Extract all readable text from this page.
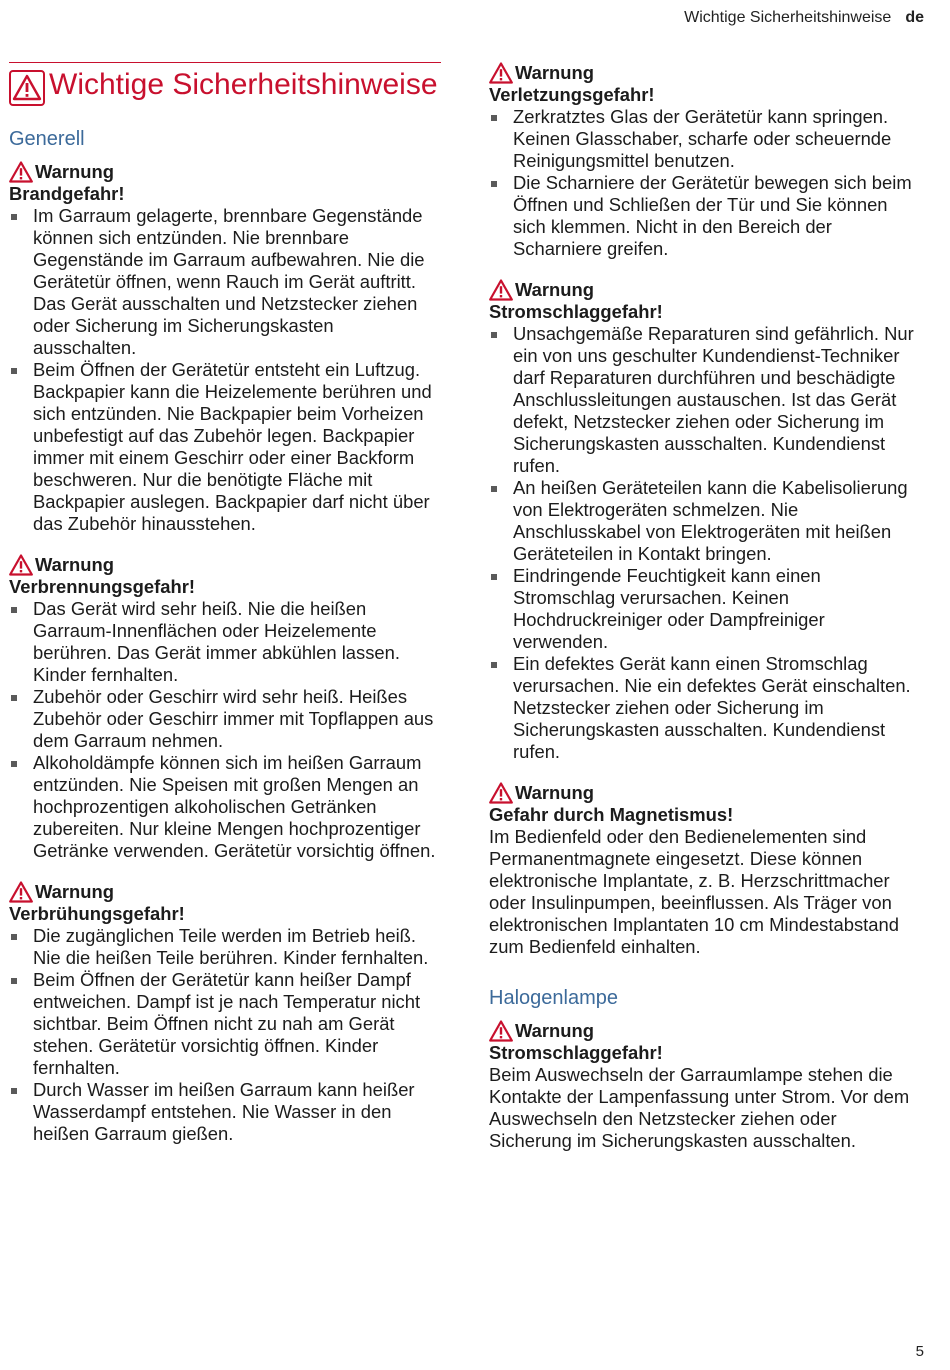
Wichtige Sicherheitshinweise de
Wichtige Sicherheitshinweise
Generell
Warnung
Brandgefahr!
Im Garraum gelagerte, brennbare Gegenstände können sich entzünden. Nie brennbare Gegenstände im Garraum aufbewahren. Nie die Gerätetür öffnen, wenn Rauch im Gerät auftritt. Das Gerät ausschalten und Netzstecker ziehen oder Sicherung im Sicherungskasten ausschalten.
Beim Öffnen der Gerätetür entsteht ein Luftzug. Backpapier kann die Heizelemente berühren und sich entzünden. Nie Backpapier beim Vorheizen unbefestigt auf das Zubehör legen. Backpapier immer mit einem Geschirr oder einer Backform beschweren. Nur die benötigte Fläche mit Backpapier auslegen. Backpapier darf nicht über das Zubehör hinausstehen.
Warnung
Verbrennungsgefahr!
Das Gerät wird sehr heiß. Nie die heißen Garraum-Innenflächen oder Heizelemente berühren. Das Gerät immer abkühlen lassen. Kinder fernhalten.
Zubehör oder Geschirr wird sehr heiß. Heißes Zubehör oder Geschirr immer mit Topflappen aus dem Garraum nehmen.
Alkoholdämpfe können sich im heißen Garraum entzünden. Nie Speisen mit großen Mengen an hochprozentigen alkoholischen Getränken zubereiten. Nur kleine Mengen hochprozentiger Getränke verwenden. Gerätetür vorsichtig öffnen.
Warnung
Verbrühungsgefahr!
Die zugänglichen Teile werden im Betrieb heiß. Nie die heißen Teile berühren. Kinder fernhalten.
Beim Öffnen der Gerätetür kann heißer Dampf entweichen. Dampf ist je nach Temperatur nicht sichtbar. Beim Öffnen nicht zu nah am Gerät stehen. Gerätetür vorsichtig öffnen. Kinder fernhalten.
Durch Wasser im heißen Garraum kann heißer Wasserdampf entstehen. Nie Wasser in den heißen Garraum gießen.
Warnung
Verletzungsgefahr!
Zerkratztes Glas der Gerätetür kann springen. Keinen Glasschaber, scharfe oder scheuernde Reinigungsmittel benutzen.
Die Scharniere der Gerätetür bewegen sich beim Öffnen und Schließen der Tür und Sie können sich klemmen. Nicht in den Bereich der Scharniere greifen.
Warnung
Stromschlaggefahr!
Unsachgemäße Reparaturen sind gefährlich. Nur ein von uns geschulter Kundendienst-Techniker darf Reparaturen durchführen und beschädigte Anschlussleitungen austauschen. Ist das Gerät defekt, Netzstecker ziehen oder Sicherung im Sicherungskasten ausschalten. Kundendienst rufen.
An heißen Geräteteilen kann die Kabelisolierung von Elektrogeräten schmelzen. Nie Anschlusskabel von Elektrogeräten mit heißen Geräteteilen in Kontakt bringen.
Eindringende Feuchtigkeit kann einen Stromschlag verursachen. Keinen Hochdruckreiniger oder Dampfreiniger verwenden.
Ein defektes Gerät kann einen Stromschlag verursachen. Nie ein defektes Gerät einschalten. Netzstecker ziehen oder Sicherung im Sicherungskasten ausschalten. Kundendienst rufen.
Warnung
Gefahr durch Magnetismus!

Im Bedienfeld oder den Bedienelementen sind Permanentmagnete eingesetzt. Diese können elektronische Implantate, z. B. Herzschrittmacher oder Insulinpumpen, beeinflussen. Als Träger von elektronischen Implantaten 10 cm Mindestabstand zum Bedienfeld einhalten.

Halogenlampe
Warnung
Stromschlaggefahr!

Beim Auswechseln der Garraumlampe stehen die Kontakte der Lampenfassung unter Strom. Vor dem Auswechseln den Netzstecker ziehen oder Sicherung im Sicherungskasten ausschalten.

5
